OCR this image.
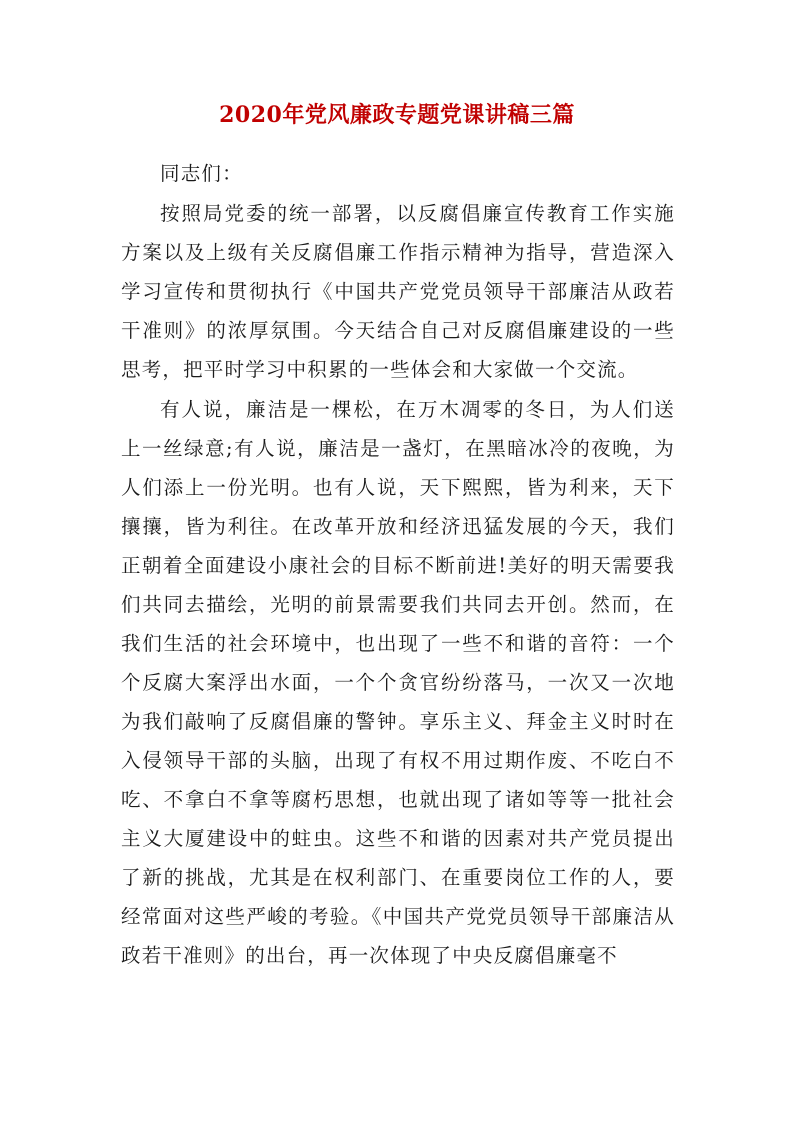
2020年党风廉政专题党课讲稿三篇

同志们：

按照局党委的统一部署，以反腐倡廉宣传教育工作实施方案以及上级有关反腐倡廉工作指示精神为指导，营造深入学习宣传和贯彻执行《中国共产党党员领导干部廉洁从政若干准则》的浓厚氛围。今天结合自己对反腐倡廉建设的一些思考，把平时学习中积累的一些体会和大家做一个交流。

有人说，廉洁是一棵松，在万木凋零的冬日，为人们送上一丝绿意;有人说，廉洁是一盏灯，在黑暗冰冷的夜晚，为人们添上一份光明。也有人说，天下熙熙，皆为利来，天下攘攘，皆为利往。在改革开放和经济迅猛发展的今天，我们正朝着全面建设小康社会的目标不断前进!美好的明天需要我们共同去描绘，光明的前景需要我们共同去开创。然而，在我们生活的社会环境中，也出现了一些不和谐的音符：一个个反腐大案浮出水面，一个个贪官纷纷落马，一次又一次地为我们敲响了反腐倡廉的警钟。享乐主义、拜金主义时时在入侵领导干部的头脑，出现了有权不用过期作废、不吃白不吃、不拿白不拿等腐朽思想，也就出现了诸如等等一批社会主义大厦建设中的蛀虫。这些不和谐的因素对共产党员提出了新的挑战，尤其是在权利部门、在重要岗位工作的人，要经常面对这些严峻的考验。《中国共产党党员领导干部廉洁从政若干准则》的出台，再一次体现了中央反腐倡廉毫不
